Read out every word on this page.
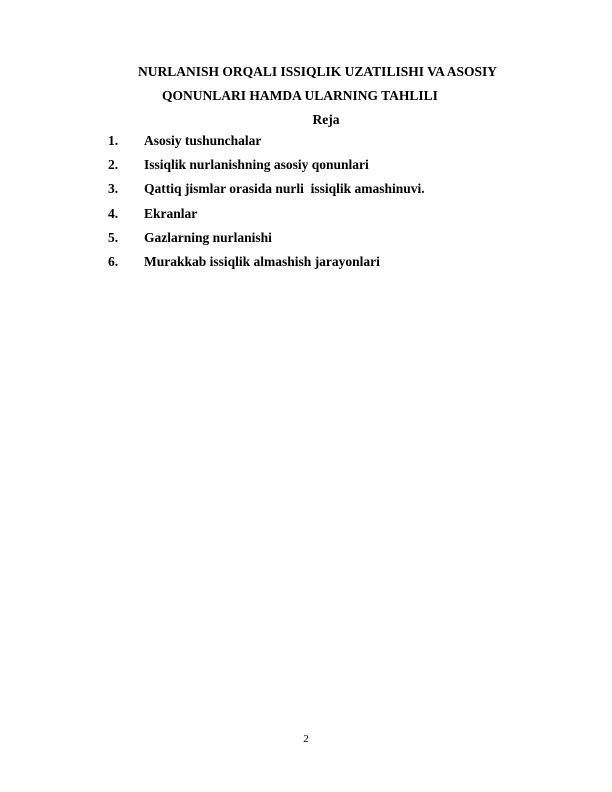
NURLANISH ORQALI ISSIQLIK UZATILISHI VA ASOSIY
QONUNLARI HAMDA ULARNING TAHLILI
Reja
1. Asosiy tushunchalar
2. Issiqlik nurlanishning asosiy qonunlari
3. Qattiq jismlar orasida nurli  issiqlik amashinuvi.
4. Ekranlar
5. Gazlarning nurlanishi
6. Murakkab issiqlik almashish jarayonlari
2
